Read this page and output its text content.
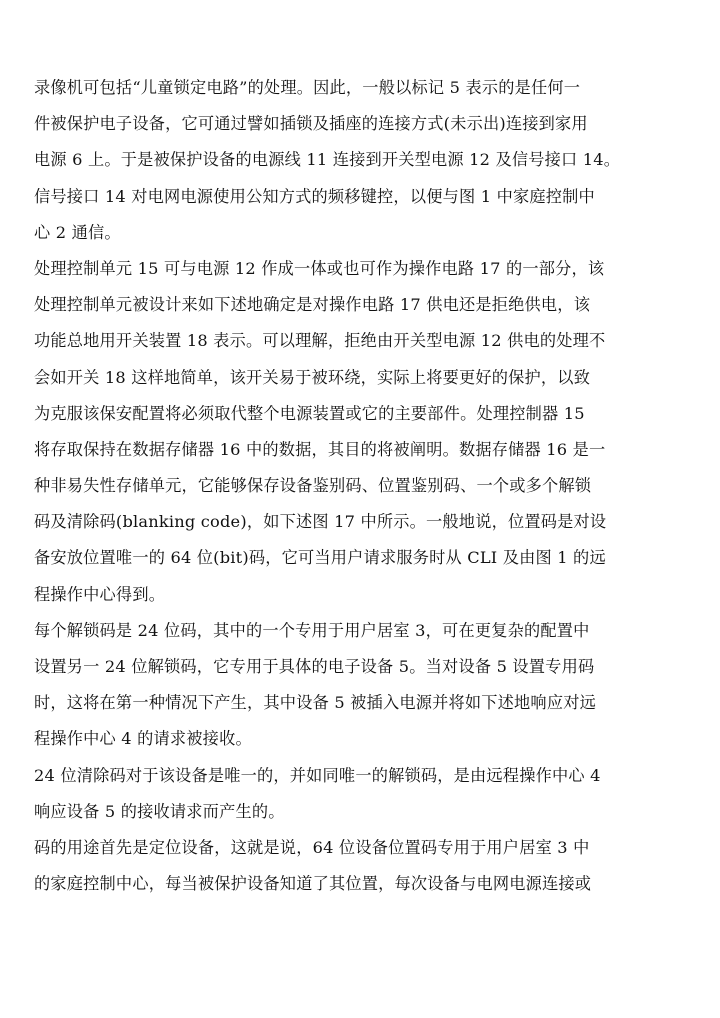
录像机可包括“儿童锁定电路”的处理。因此，一般以标记 5 表示的是任何一
件被保护电子设备，它可通过譬如插锁及插座的连接方式(未示出)连接到家用
电源 6 上。于是被保护设备的电源线 11 连接到开关型电源 12 及信号接口 14。
信号接口 14 对电网电源使用公知方式的频移键控，以便与图 1 中家庭控制中
心 2 通信。
处理控制单元 15 可与电源 12 作成一体或也可作为操作电路 17 的一部分，该
处理控制单元被设计来如下述地确定是对操作电路 17 供电还是拒绝供电，该
功能总地用开关装置 18 表示。可以理解，拒绝由开关型电源 12 供电的处理不
会如开关 18 这样地简单，该开关易于被环绕，实际上将要更好的保护，以致
为克服该保安配置将必须取代整个电源装置或它的主要部件。处理控制器 15
将存取保持在数据存储器 16 中的数据，其目的将被阐明。数据存储器 16 是一
种非易失性存储单元，它能够保存设备鉴别码、位置鉴别码、一个或多个解锁
码及清除码(blanking code)，如下述图 17 中所示。一般地说，位置码是对设
备安放位置唯一的 64 位(bit)码，它可当用户请求服务时从 CLI 及由图 1 的远
程操作中心得到。
每个解锁码是 24 位码，其中的一个专用于用户居室 3，可在更复杂的配置中
设置另一 24 位解锁码，它专用于具体的电子设备 5。当对设备 5 设置专用码
时，这将在第一种情况下产生，其中设备 5 被插入电源并将如下述地响应对远
程操作中心 4 的请求被接收。
24 位清除码对于该设备是唯一的，并如同唯一的解锁码，是由远程操作中心 4
响应设备 5 的接收请求而产生的。
码的用途首先是定位设备，这就是说，64 位设备位置码专用于用户居室 3 中
的家庭控制中心，每当被保护设备知道了其位置，每次设备与电网电源连接或
